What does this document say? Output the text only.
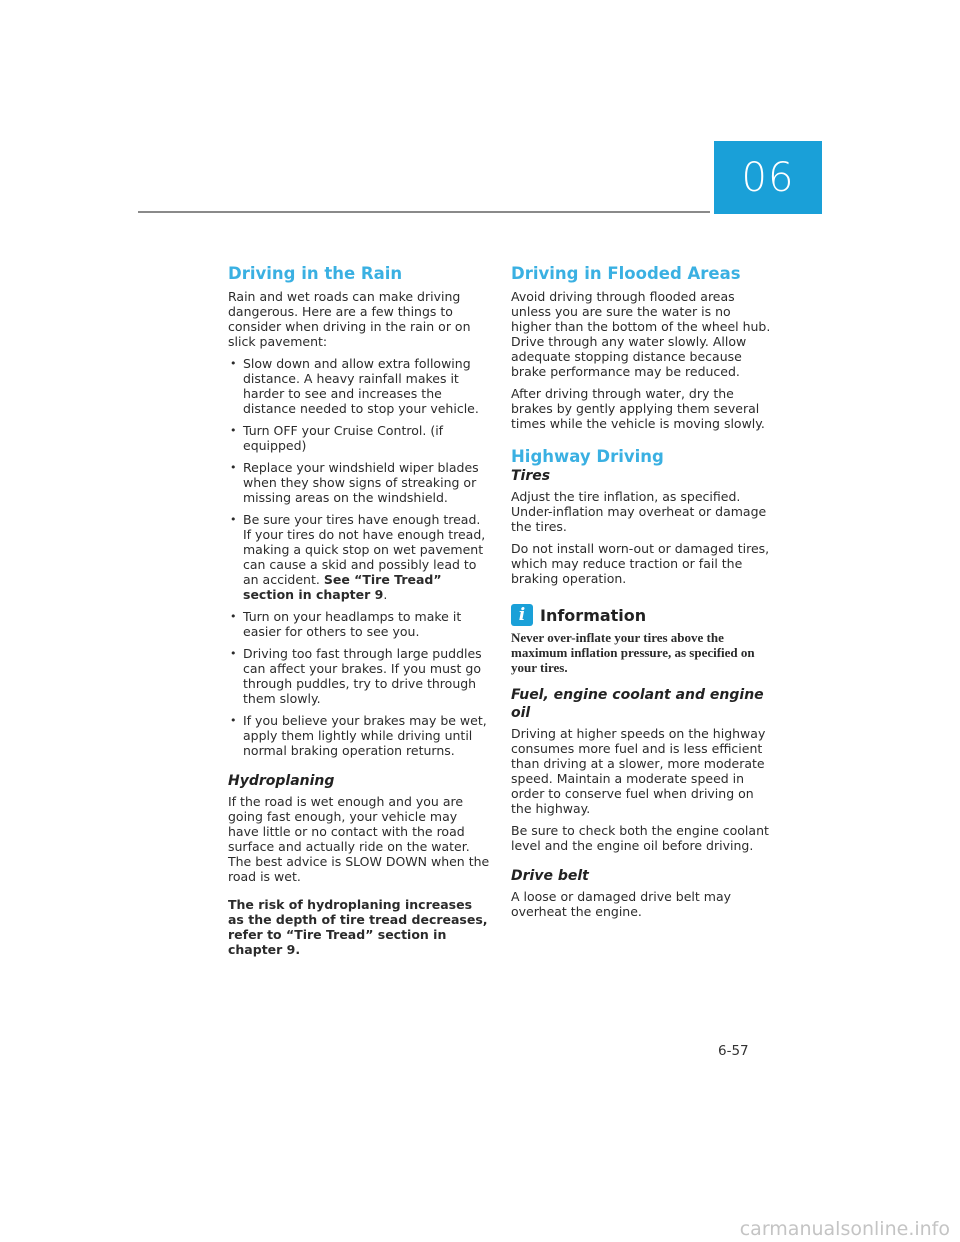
06
Driving in the Rain

Rain and wet roads can make driving dangerous. Here are a few things to consider when driving in the rain or on slick pavement:

• Slow down and allow extra following distance. A heavy rainfall makes it harder to see and increases the distance needed to stop your vehicle.
• Turn OFF your Cruise Control. (if equipped)
• Replace your windshield wiper blades when they show signs of streaking or missing areas on the windshield.
• Be sure your tires have enough tread. If your tires do not have enough tread, making a quick stop on wet pavement can cause a skid and possibly lead to an accident. See “Tire Tread” section in chapter 9.
• Turn on your headlamps to make it easier for others to see you.
• Driving too fast through large puddles can affect your brakes. If you must go through puddles, try to drive through them slowly.
• If you believe your brakes may be wet, apply them lightly while driving until normal braking operation returns.
Hydroplaning

If the road is wet enough and you are going fast enough, your vehicle may have little or no contact with the road surface and actually ride on the water. The best advice is SLOW DOWN when the road is wet.

The risk of hydroplaning increases as the depth of tire tread decreases, refer to “Tire Tread” section in chapter 9.

Driving in Flooded Areas

Avoid driving through flooded areas unless you are sure the water is no higher than the bottom of the wheel hub. Drive through any water slowly. Allow adequate stopping distance because brake performance may be reduced.

After driving through water, dry the brakes by gently applying them several times while the vehicle is moving slowly.

Highway Driving
Tires

Adjust the tire inflation, as specified. Under-inflation may overheat or damage the tires.

Do not install worn-out or damaged tires, which may reduce traction or fail the braking operation.

i Information

Never over-inflate your tires above the maximum inflation pressure, as specified on your tires.

Fuel, engine coolant and engine oil

Driving at higher speeds on the highway consumes more fuel and is less efficient than driving at a slower, more moderate speed. Maintain a moderate speed in order to conserve fuel when driving on the highway.

Be sure to check both the engine coolant level and the engine oil before driving.

Drive belt

A loose or damaged drive belt may overheat the engine.

6-57
carmanualsonline.info
